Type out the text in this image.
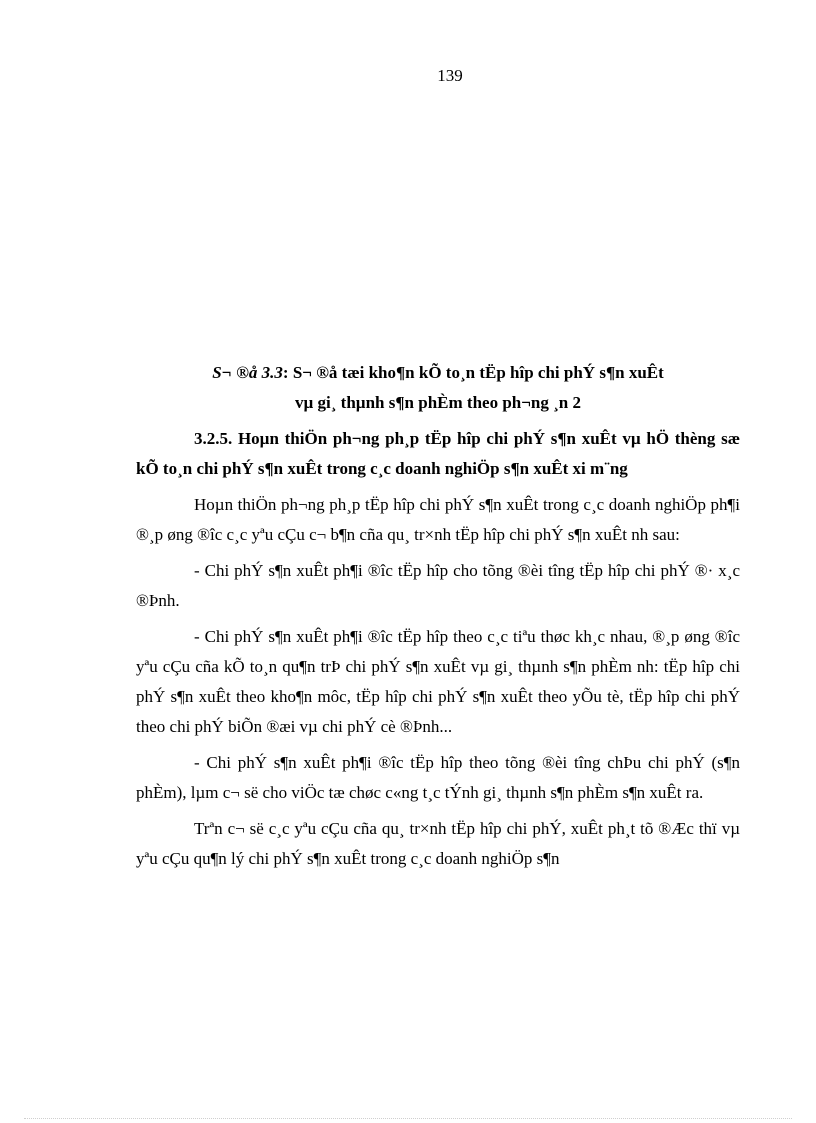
139

S¬ ®å 3.3: S¬ ®å tæi kho¶n kÕ to¸n tËp hîp chi phÝ s¶n xuÊt

vµ gi¸ thµnh s¶n phÈm theo ph¬ng ¸n 2

3.2.5. Hoµn thiÖn ph¬ng ph¸p tËp hîp chi phÝ s¶n xuÊt vµ hÖ thèng sæ kÕ to¸n chi phÝ s¶n xuÊt trong c¸c doanh nghiÖp s¶n xuÊt xi m¨ng

Hoµn thiÖn ph¬ng ph¸p tËp hîp chi phÝ s¶n xuÊt trong c¸c doanh nghiÖp ph¶i ®¸p øng ®îc c¸c yªu cÇu c¬ b¶n cña qu¸ tr×nh tËp hîp chi phÝ s¶n xuÊt nh sau:

- Chi phÝ s¶n xuÊt ph¶i ®îc tËp hîp cho tõng ®èi tîng tËp hîp chi phÝ ®· x¸c ®Þnh.

- Chi phÝ s¶n xuÊt ph¶i ®îc tËp hîp theo c¸c tiªu thøc kh¸c nhau, ®¸p øng ®îc yªu cÇu cña kÕ to¸n qu¶n trÞ chi phÝ s¶n xuÊt vµ gi¸ thµnh s¶n phÈm nh: tËp hîp chi phÝ s¶n xuÊt theo kho¶n môc, tËp hîp chi phÝ s¶n xuÊt theo yÕu tè, tËp hîp chi phÝ theo chi phÝ biÕn ®æi vµ chi phÝ cè ®Þnh...

- Chi phÝ s¶n xuÊt ph¶i ®îc tËp hîp theo tõng ®èi tîng chÞu chi phÝ (s¶n phÈm), lµm c¬ së cho viÖc tæ chøc c«ng t¸c tÝnh gi¸ thµnh s¶n phÈm s¶n xuÊt ra.

Trªn c¬ së c¸c yªu cÇu cña qu¸ tr×nh tËp hîp chi phÝ, xuÊt ph¸t tõ ®Æc thï vµ yªu cÇu qu¶n lý chi phÝ s¶n xuÊt trong c¸c doanh nghiÖp s¶n
